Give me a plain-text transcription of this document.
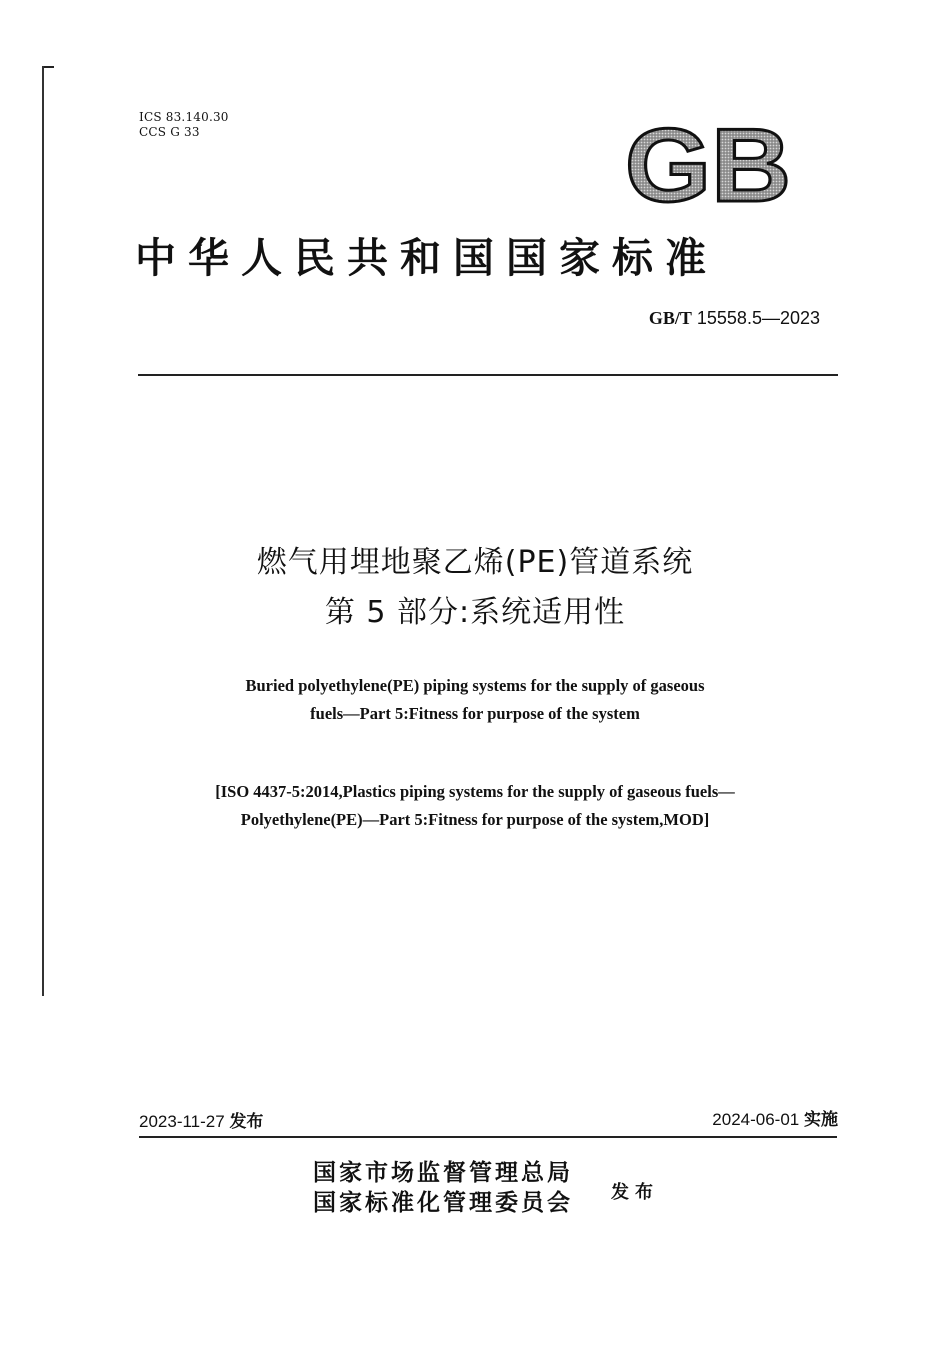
ICS 83.140.30
CCS G 33	GB
中华人民共和国国家标准
GB/T 15558.5—2023
燃气用埋地聚乙烯(PE)管道系统
第 5 部分:系统适用性
Buried polyethylene(PE) piping systems for the supply of gaseous
fuels—Part 5:Fitness for purpose of the system
[ISO 4437-5:2014,Plastics piping systems for the supply of gaseous fuels—
Polyethylene(PE)—Part 5:Fitness for purpose of the system,MOD]
2023-11-27 发布	2024-06-01 实施
国家市场监督管理总局
国家标准化管理委员会 发布
